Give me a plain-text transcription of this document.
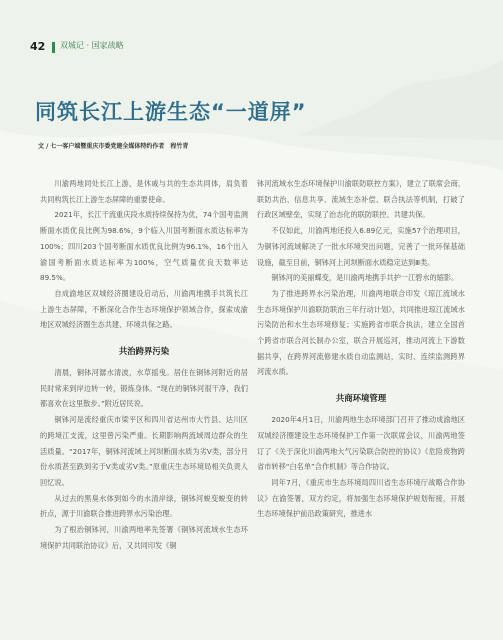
42 双城记 · 国家战略
同筑长江上游生态“一道屏”
文 / 七一客户端暨重庆市委党建全媒体特约作者　程竹青

川渝两地同处长江上游，是休戚与共的生态共同体，肩负着共同构筑长江上游生态屏障的重要使命。

2021年，长江干流重庆段水质持续保持为优，74个国考监测断面水质优良比例为98.6%，9个临入川国考断面水质达标率为100%；四川203个国考断面水质优良比例为96.1%，16个出入渝国考断面水质达标率为100%，空气质量优良天数率达89.5%。

自成渝地区双城经济圈建设启动后，川渝两地携手共筑长江上游生态屏障，不断深化合作生态环境保护领域合作，探索成渝地区双城经济圈生态共建、环境共保之路。

共治跨界污染

清晨，铜钵河潺水清波，水草摇曳。居住在铜钵河附近的居民时常来到岸边转一转，锻炼身体。“现在的铜钵河很干净，我们都喜欢在这里散步。”附近居民说。

铜钵河是流经重庆市梁平区和四川省达州市大竹县、达川区的跨境江支流，这里曾污染严重。长期影响两流域周边群众的生活质量。“2017年，铜钵河流域上河坝断面水质为劣V类，部分月份水质甚至跌到劣于V类或劣V类。”原重庆生态环境局相关负责人回忆说。

从过去的黑臭水体到如今的水清岸绿，铜钵河蜕变蜕变的转折点，源于川渝联合推进跨界水污染治理。

为了根治铜钵河，川渝两地率先签署《铜钵河流域水生态环境保护共同联治协议》后，又共同印发《铜

钵河流域水生态环境保护川渝联防联控方案》，建立了联席会商、联防共治、信息共享、流域生态补偿、联合执法等机制，打破了行政区域壁垒，实现了治态化的联防联控、共建共保。

不仅如此，川渝两地还投入6.89亿元，实施57个治理项目，为铜钵河流域解决了一批水环境突出问题，完善了一批环保基础设施，截至目前，铜钵河上河坝断面水质稳定达到Ⅲ类。

铜钵河的美丽蝶变，是川渝两地携手共护一江碧水的缩影。

为了推进跨界水污染治理，川渝两地联合印发《琼江流域水生态环境保护川渝联防联治三年行动计划》，共同推进琼江流域水污染防治和水生态环境修复；实施跨省市联合执法，建立全国首个跨省市联合河长制办公室，联合开展巡河，推动河流上下游数据共享，在跨界河流修建水质自动监测站，实时、连续监测跨界河流水质。

共商环境管理

2020年4月1日，川渝两地生态环境部门召开了推动成渝地区双城经济圈建设生态环境保护工作第一次联席会议，川渝两地签订了《关于深化川渝两地大气污染联合防控的协议》《危险废物跨省市转移“白名单”合作机制》等合作协议。

同年7月，《重庆市生态环境局四川省生态环境厅战略合作协议》在渝签署，双方约定，将加强生态环境保护规划衔接，开展生态环境保护前沿政策研究，推进水
